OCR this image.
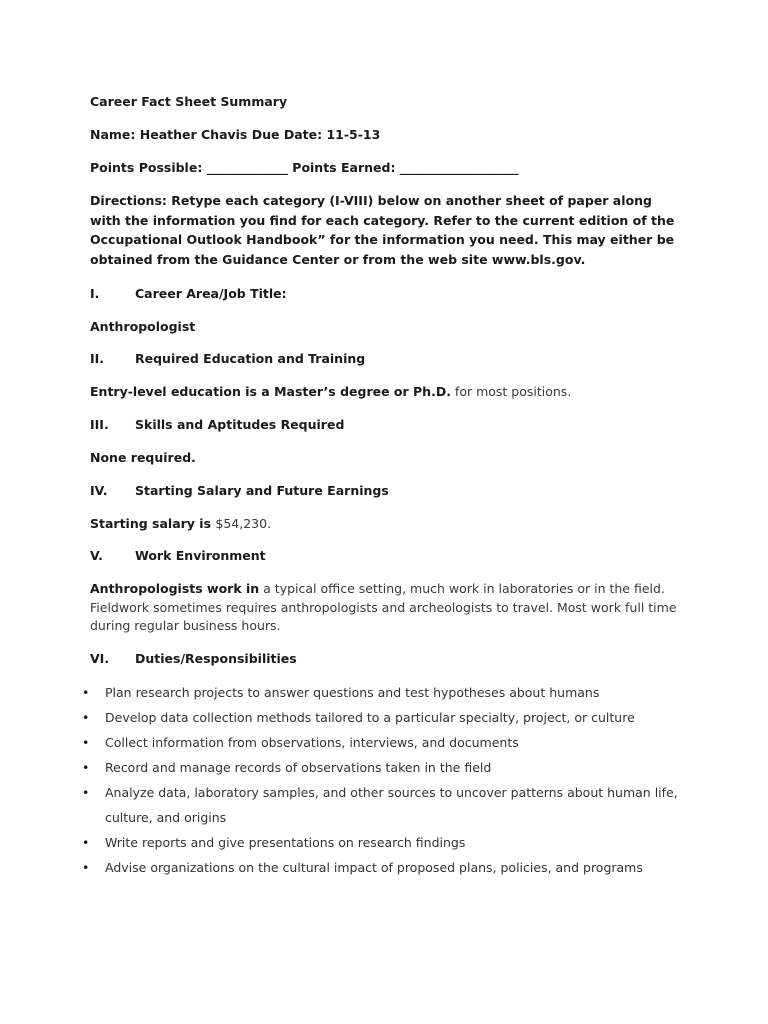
Career Fact Sheet Summary
Name: Heather Chavis Due Date: 11-5-13
Points Possible: _____________ Points Earned: ___________________
Directions: Retype each category (I-VIII) below on another sheet of paper along with the information you find for each category. Refer to the current edition of the Occupational Outlook Handbook” for the information you need. This may either be obtained from the Guidance Center or from the web site www.bls.gov.
I.	Career Area/Job Title:
Anthropologist
II. Required Education and Training
Entry-level education is a Master’s degree or Ph.D. for most positions.
III. Skills and Aptitudes Required
None required.
IV. Starting Salary and Future Earnings
Starting salary is $54,230.
V.	Work Environment
Anthropologists work in a typical office setting, much work in laboratories or in the field. Fieldwork sometimes requires anthropologists and archeologists to travel. Most work full time during regular business hours.
VI. Duties/Responsibilities
• Plan research projects to answer questions and test hypotheses about humans
• Develop data collection methods tailored to a particular specialty, project, or culture
• Collect information from observations, interviews, and documents
• Record and manage records of observations taken in the field
• Analyze data, laboratory samples, and other sources to uncover patterns about human life, culture, and origins
• Write reports and give presentations on research findings
• Advise organizations on the cultural impact of proposed plans, policies, and programs
